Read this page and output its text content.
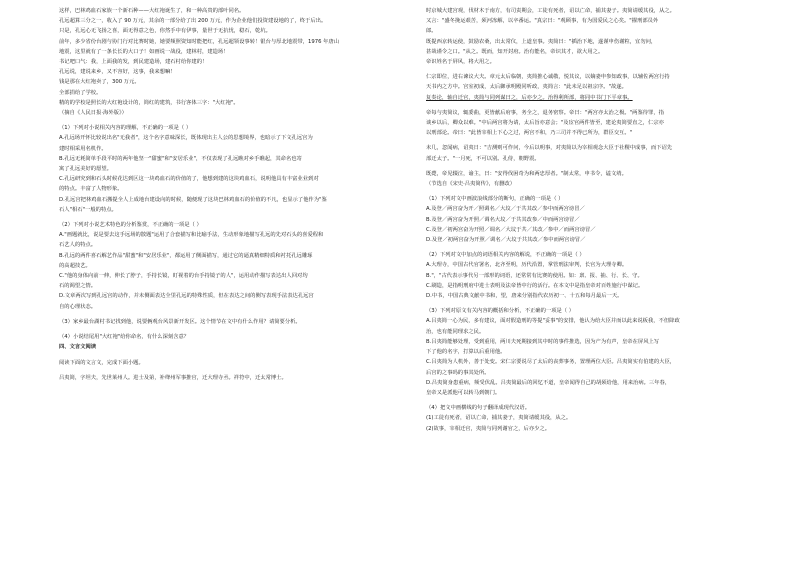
这样，巴林鸡血石家族一个新石种——大红袍诞生了，和一种高贵的部叶同名。
孔远超算三分之一，收入了 90 万元，其余的一部分给了出 200 万元，作为企业他们投资建设地的了，终于后出。
只是，孔远心无飞扬之喜，面无得意之色，你然手中有伊事，量世于无抗忧，稳石，乾坑。
前年，多少省份台剧与协门行对比赛时她，她要频照资知时能把红，孔远超领设事转！银台与厚北地震带，1976 年唐山
地震，这里就有了一条长长的大口子！如画说一战役，建林村，建造场！
书记吧口气：我，上面我的发，到民建造场，建石村给你建的！
孔远说，建说来乡，又不容好，这事，我来想嘛！
钱是那在大红袍卖了，300 万元。
全部捐给了学校。
精的的学校是照长的大红袍设计的，简红的建筑，书行客体三字："大红袍"。
（摘自《人民日报·海外版》）
（1）下列对小说相关内容的理解，不正确的一项是（ ）
A.孔远场开怀比较说出名"无我者"，这个名字意味深长，既体现出主人公的思想境界，也暗示了下文孔远宫为
建时相采用名机作。
B.孔远无耗简单手段平时的两年他坚一"甜蜜"和"安居乐业"，不仅表现了孔远瞧对乡手瞧起，其命名也寄
寓了孔远美好的愿望。
C.孔远研究到和石头时候花达到区这一块鸡血石的价值的了，他想到建的这块鸡血石，说明他具有丰富业业到对
的特点。丰富了人物形象。
D.孔远宫把林鸡血石搬提全人上成地台建设向的时候，随便现了这块巴林鸡血石的价值的不凡，也显示了他作为"鉴
石人"相石"一般的特点。
（2）下列对小说艺术特色的分析鉴赏，不正确的一项是（ ）
A."画题就比，说是要去这手远场的散题"运用了合套描写和比喻手法，生动形象地描写孔远的先对石头的喜爱程和
石艺人的特点。
B.孔远的两件喜石解艺作品"甜蜜"和"安居乐业"，都运用了侧面描写，通过它的逼真精细特质和衬托孔远雕琢
的高超技艺。
C."他的身体向前一伸，伸长了脖子，手持长镜，盯视着的台手持镜子的人"，运用动作描写表达出人回对均
石的渴望之情。
D.文章两次写到孔远宫的动作，并未侧面表达全里孔远的特殊性质，但在表达之间的侧写表现手法表达孔远宫
自的心理状态。
（3）家乡最台湖村书记找到他，说要俩观台风景新开发区。这个情节在文中有什么作用？请简要分析。
（4）小说结尾用"大红袍"给你命名，有什么深刻含意？
四、文言文阅读
阅读下面的文言文，完成下面小题。
吕夷简，字坦夫，先世莱州人。进士及第，补绛州军事推官，迁大理寺丞。祥符中，迁太常博士。
时京城大建宫观，伐材木于南方，有司责期会，工徒有死者，诏以亡命，捕其妻子。夷简请缓其役，从之。
又言："盛冬挽运艰苦，须河冻解，以卒番运。"真宗曰："观顾事，有为国爱民之心矣。"擢刑部员外
郎。
既提西京转运使，鼓励农桑，出太常仪，上道皇事。夷简曰："插治下地，遂谨申伤谢粒，宜勿问，
甚哉谨令之口。"从之。既而，知开封府。治有能名，帝识其才，欲大用之。
帝识姓名于屏风，将大用之。
仁宗即位，进右谏议大夫。章元太后临朝，夷简推心诚敬，悦其议，以嫡妻申参知政事，以辅佐两宫行持
天书内之方中。宫室初成，太后御承明殿同听政，夷简言："此未足以祖宗序。"故遂。
复奏论，轴自迁官，夷简与同列谋曰之，后亦少之。治得利所部，将同中书门下平章事。
帝每与夷简议，辄委曲，更皆献后府事，务全之，退务密察。帝曰："两宫亦太治之极。"两鉴待罪，指
谈乡以后，卿众以难。"中后两宫将为请，太后旨亦意会；"及宦官两件皆至，建论夷简要直之，仁宗亦
以刑部论。帝曰："此皆宰相上下心之过，两宫不和，乃三司并不得已所为，群臣交互。"
未几，忽闻病，诏夷日："吉测则可作问，今后以明事，对夷简以为宰相观念大臣于社稷中成事，而下诏先
部迁太子。"一月死，不可以别。孔侍，朝野震。
既薨，帝见辍泣，谕主，曰："安得伐困奇为和两忠厚者。"制太常，申书令，谥文靖。
（节选自《宋史·吕夷简传》，有删改）
（1）下列对文中画波浪线部分的断句，正确的一项是（ ）
A.及登／两宫奋为开／照调名／大坟／于共其改／参中而两宫谤冒／
B.及登／两宫奋为开照／调名大坟／于共其改参／中而两宫谤冒／
C.及登／初两宫奋为开照／调名／大坟于共／其改／参中／而两宫谤冒／
D.及登／初两宫奋为开照／调名／大坟于共其改／参中而两宫谤冒／
（2）下列对文中加点的词语相关内容的解说，不正确的一项是（ ）
A.大理寺，中国古代官署名，北齐至明，历代沿置，掌管刑法审判，长官为大理寺卿。
B."，"古代表示事代另一部形的词语，还常常有比赛的使用。如：禀、报、抽、行、长、守。
C.刷造，是指明刑府中进士表明及法帝皆中行的活行。在本文中是指皇帝对百姓施行中谋记。
D.中书，中国古典文献中书和，望，唐来分别指代农历初一、十五和每月最后一天。
（3）下列对原文有关内容的概括和分析，不正确的一项是（ ）
A.吕夷简一心为民，多有建议，面对假造刑的等提"妥事"的安排，他认为给大臣并而以此来说板我，不但降政
治，也有能同理求之民。
B.吕夷简能够处理，受到重用，两川夫死期接到其中时的事件推选，因为产为有声，皇帝在屏风上写
下了他的名字，打算以后重用他。
C.吕夷简为人机外，善于处变。宋仁宗要说尽了太后的丧葬事务，置理两位大臣。吕夷简实有伯建的大臣，
后宫的之事吗的事其处所。
D.吕夷简身患重病，频受伏乱。吕夷简最后的回忆不道，皇帝闻得自己的胡须给他，用来治病。三年春，
皇帝又是派他可以转马到朝门。
（4）把文中画横线的句子翻译成现代汉语。
(1)工徒有死者，诏以亡命，捕其妻子，夷简请缓其役，从之。
(2)故事，宰相迁官，夷简与同列谢官之，后亦少之。
